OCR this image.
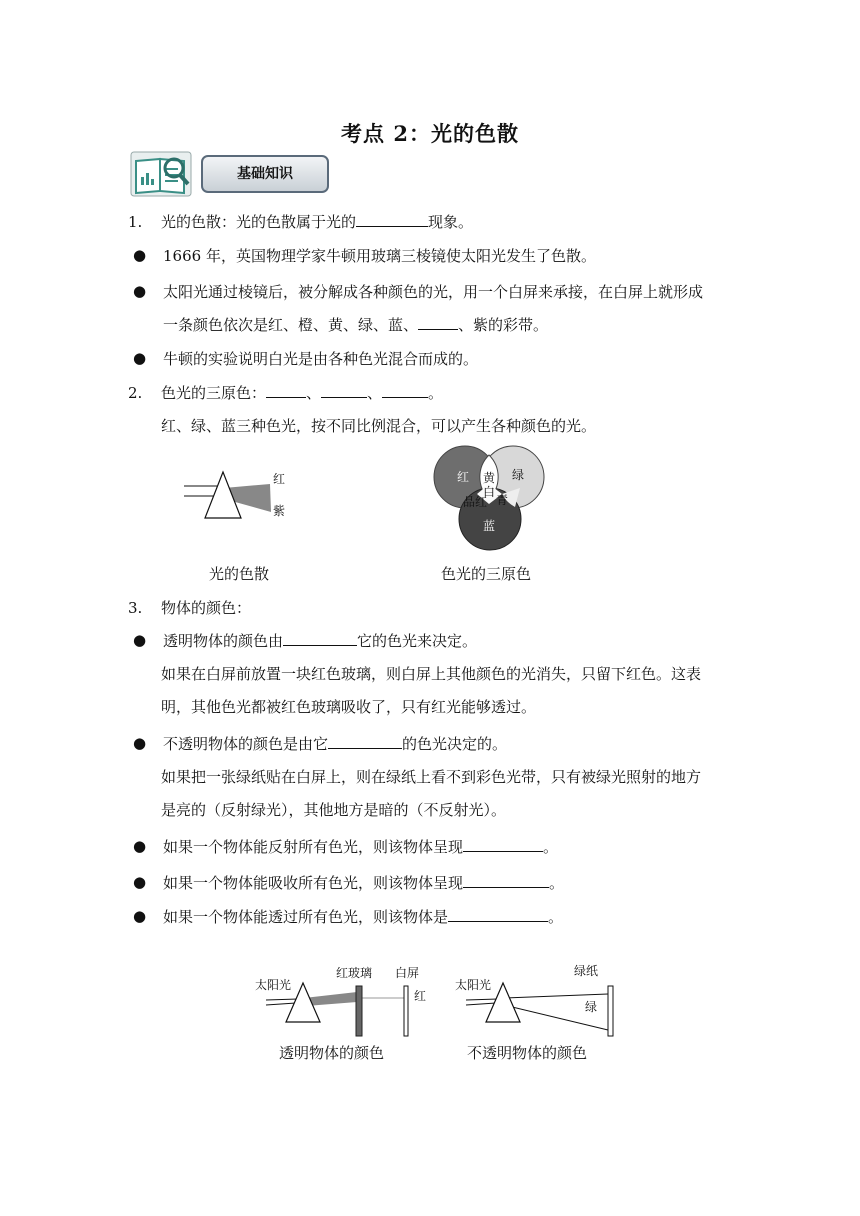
考点 2：光的色散
基础知识
1. 光的色散：光的色散属于光的	现象。
● 1666 年，英国物理学家牛顿用玻璃三棱镜使太阳光发生了色散。
● 太阳光通过棱镜后，被分解成各种颜色的光，用一个白屏来承接，在白屏上就形成
一条颜色依次是红、橙、黄、绿、蓝、	、紫的彩带。
● 牛顿的实验说明白光是由各种色光混合而成的。
2. 色光的三原色：	、	、	。
红、绿、蓝三种色光，按不同比例混合，可以产生各种颜色的光。
红
紫
光的色散
红	绿
黄
白
青
品红
蓝
色光的三原色
3. 物体的颜色：
● 透明物体的颜色由	它的色光来决定。
如果在白屏前放置一块红色玻璃，则白屏上其他颜色的光消失，只留下红色。这表
明，其他色光都被红色玻璃吸收了，只有红光能够透过。
● 不透明物体的颜色是由它	的色光决定的。
如果把一张绿纸贴在白屏上，则在绿纸上看不到彩色光带，只有被绿光照射的地方
是亮的（反射绿光），其他地方是暗的（不反射光）。
● 如果一个物体能反射所有色光，则该物体呈现	。
● 如果一个物体能吸收所有色光，则该物体呈现	。
● 如果一个物体能透过所有色光，则该物体是	。
太阳光
红玻璃 白屏
红
透明物体的颜色
太阳光
绿纸
绿
不透明物体的颜色
